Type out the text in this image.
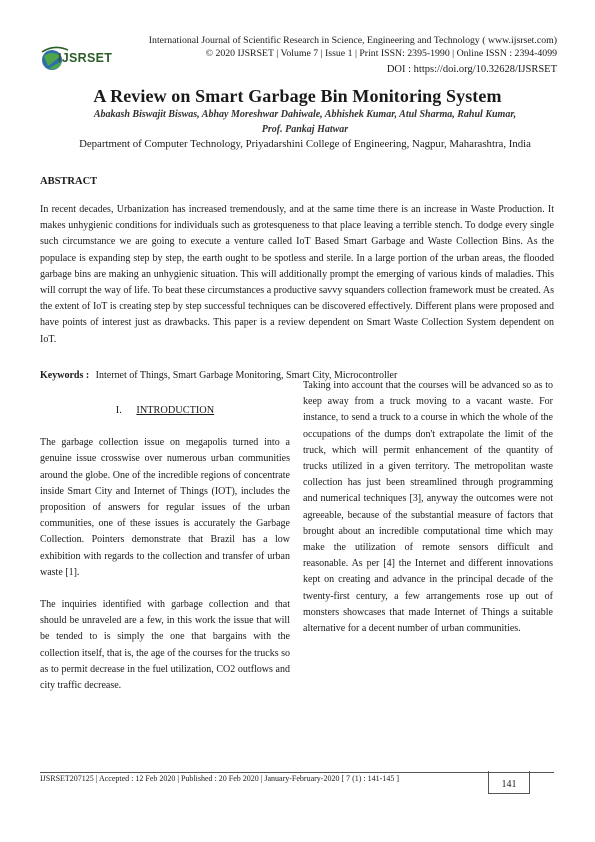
IJSRSET
International Journal of Scientific Research in Science, Engineering and Technology ( www.ijsrset.com)
© 2020 IJSRSET | Volume 7 | Issue 1 | Print ISSN: 2395-1990 | Online ISSN : 2394-4099
DOI : https://doi.org/10.32628/IJSRSET
A Review on Smart Garbage Bin Monitoring System
Abakash Biswajit Biswas, Abhay Moreshwar Dahiwale, Abhishek Kumar, Atul Sharma, Rahul Kumar,
Prof. Pankaj Hatwar
Department of Computer Technology, Priyadarshini College of Engineering, Nagpur, Maharashtra, India
ABSTRACT

In recent decades, Urbanization has increased tremendously, and at the same time there is an increase in Waste Production. It makes unhygienic conditions for individuals such as grotesqueness to that place leaving a terrible stench. To dodge every single such circumstance we are going to execute a venture called IoT Based Smart Garbage and Waste Collection Bins. As the populace is expanding step by step, the earth ought to be spotless and sterile. In a large portion of the urban areas, the flooded garbage bins are making an unhygienic situation. This will additionally prompt the emerging of various kinds of maladies. This will corrupt the way of life. To beat these circumstances a productive savvy squanders collection framework must be created. As the extent of IoT is creating step by step successful techniques can be discovered effectively. Different plans were proposed and have points of interest just as drawbacks. This paper is a review dependent on Smart Waste Collection System dependent on IoT.

Keywords : Internet of Things, Smart Garbage Monitoring, Smart City, Microcontroller
I. INTRODUCTION

The garbage collection issue on megapolis turned into a genuine issue crosswise over numerous urban communities around the globe. One of the incredible regions of concentrate inside Smart City and Internet of Things (IOT), includes the proposition of answers for regular issues of the urban communities, one of these issues is accurately the Garbage Collection. Pointers demonstrate that Brazil has a low exhibition with regards to the collection and transfer of urban waste [1].

The inquiries identified with garbage collection and that should be unraveled are a few, in this work the issue that will be tended to is simply the one that bargains with the collection itself, that is, the age of the courses for the trucks so as to permit decrease in the fuel utilization, CO2 outflows and city traffic decrease.

Taking into account that the courses will be advanced so as to keep away from a truck moving to a vacant waste. For instance, to send a truck to a course in which the whole of the occupations of the dumps don't extrapolate the limit of the truck, which will permit enhancement of the quantity of trucks utilized in a given territory. The metropolitan waste collection has just been streamlined through programming and numerical techniques [3], anyway the outcomes were not agreeable, because of the substantial measure of factors that brought about an incredible computational time which may make the utilization of remote sensors difficult and reasonable. As per [4] the Internet and different innovations kept on creating and advance in the principal decade of the twenty-first century, a few arrangements rose up out of monsters showcases that made Internet of Things a suitable alternative for a decent number of urban communities.

IJSRSET207125 | Accepted : 12 Feb 2020 | Published : 20 Feb 2020 | January-February-2020 [ 7 (1) : 141-145 ]
141
